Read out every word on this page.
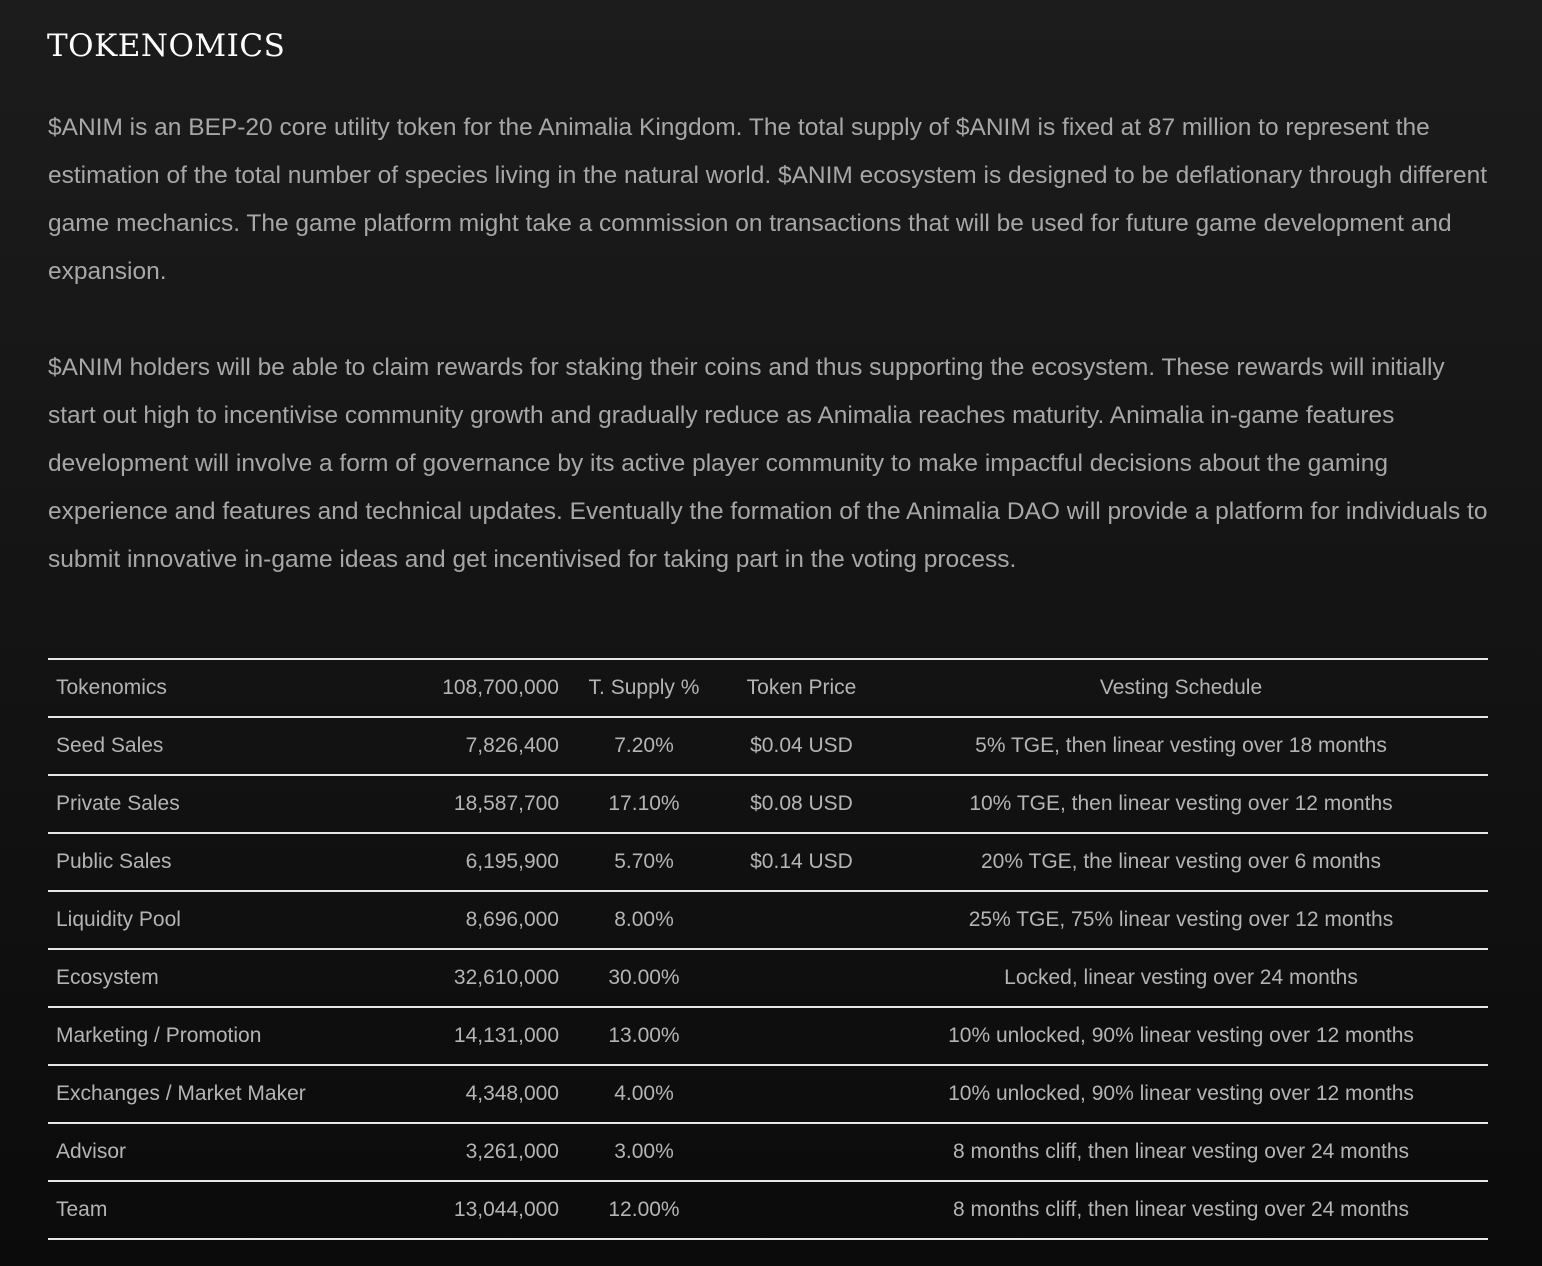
TOKENOMICS

$ANIM is an BEP-20 core utility token for the Animalia Kingdom. The total supply of $ANIM is fixed at 87 million to represent the estimation of the total number of species living in the natural world. $ANIM ecosystem is designed to be deflationary through different game mechanics. The game platform might take a commission on transactions that will be used for future game development and expansion.

$ANIM holders will be able to claim rewards for staking their coins and thus supporting the ecosystem. These rewards will initially start out high to incentivise community growth and gradually reduce as Animalia reaches maturity. Animalia in-game features development will involve a form of governance by its active player community to make impactful decisions about the gaming experience and features and technical updates. Eventually the formation of the Animalia DAO will provide a platform for individuals to submit innovative in-game ideas and get incentivised for taking part in the voting process.

Tokenomics	108,700,000	T. Supply %	Token Price	Vesting Schedule
Seed Sales	7,826,400	7.20%	$0.04 USD	5% TGE, then linear vesting over 18 months
Private Sales	18,587,700	17.10%	$0.08 USD	10% TGE, then linear vesting over 12 months
Public Sales	6,195,900	5.70%	$0.14 USD	20% TGE, the linear vesting over 6 months
Liquidity Pool	8,696,000	8.00%		25% TGE, 75% linear vesting over 12 months
Ecosystem	32,610,000	30.00%		Locked, linear vesting over 24 months
Marketing / Promotion	14,131,000	13.00%		10% unlocked, 90% linear vesting over 12 months
Exchanges / Market Maker	4,348,000	4.00%		10% unlocked, 90% linear vesting over 12 months
Advisor	3,261,000	3.00%		8 months cliff, then linear vesting over 24 months
Team	13,044,000	12.00%		8 months cliff, then linear vesting over 24 months
